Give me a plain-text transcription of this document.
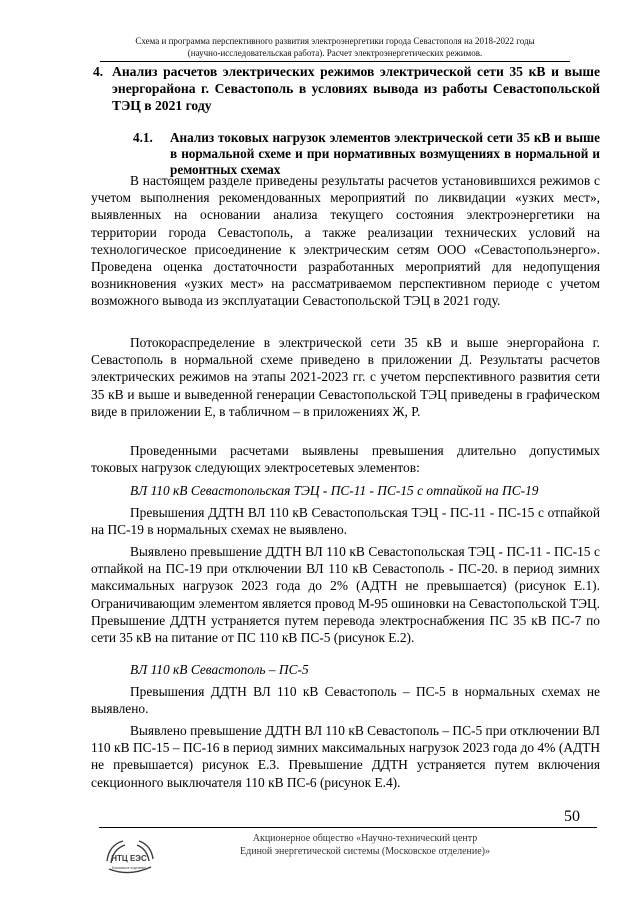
Схема и программа перспективного развития электроэнергетики города Севастополя на 2018-2022 годы
(научно-исследовательская работа). Расчет электроэнергетических режимов.
4. Анализ расчетов электрических режимов электрической сети 35 кВ и выше энергорайона г. Севастополь в условиях вывода из работы Севастопольской ТЭЦ в 2021 году
4.1. Анализ токовых нагрузок элементов электрической сети 35 кВ и выше в нормальной схеме и при нормативных возмущениях в нормальной и ремонтных схемах

В настоящем разделе приведены результаты расчетов установившихся режимов с учетом выполнения рекомендованных мероприятий по ликвидации «узких мест», выявленных на основании анализа текущего состояния электроэнергетики на территории города Севастополь, а также реализации технических условий на технологическое присоединение к электрическим сетям ООО «Севастопольэнерго». Проведена оценка достаточности разработанных мероприятий для недопущения возникновения «узких мест» на рассматриваемом перспективном периоде с учетом возможного вывода из эксплуатации Севастопольской ТЭЦ в 2021 году.

Потокораспределение в электрической сети 35 кВ и выше энергорайона г. Севастополь в нормальной схеме приведено в приложении Д. Результаты расчетов электрических режимов на этапы 2021-2023 гг. с учетом перспективного развития сети 35 кВ и выше и выведенной генерации Севастопольской ТЭЦ приведены в графическом виде в приложении Е, в табличном – в приложениях Ж, Р.

Проведенными расчетами выявлены превышения длительно допустимых токовых нагрузок следующих электросетевых элементов:

ВЛ 110 кВ Севастопольская ТЭЦ - ПС-11 - ПС-15 с отпайкой на ПС-19

Превышения ДДТН ВЛ 110 кВ Севастопольская ТЭЦ - ПС-11 - ПС-15 с отпайкой на ПС-19 в нормальных схемах не выявлено.

Выявлено превышение ДДТН ВЛ 110 кВ Севастопольская ТЭЦ - ПС-11 - ПС-15 с отпайкой на ПС-19 при отключении ВЛ 110 кВ Севастополь - ПС-20. в период зимних максимальных нагрузок 2023 года до 2% (АДТН не превышается) (рисунок Е.1). Ограничивающим элементом является провод М-95 ошиновки на Севастопольской ТЭЦ. Превышение ДДТН устраняется путем перевода электроснабжения ПС 35 кВ ПС-7 по сети 35 кВ на питание от ПС 110 кВ ПС-5 (рисунок Е.2).

ВЛ 110 кВ Севастополь – ПС-5

Превышения ДДТН ВЛ 110 кВ Севастополь – ПС-5 в нормальных схемах не выявлено.

Выявлено превышение ДДТН ВЛ 110 кВ Севастополь – ПС-5 при отключении ВЛ 110 кВ ПС-15 – ПС-16 в период зимних максимальных нагрузок 2023 года до 4% (АДТН не превышается) рисунок Е.3. Превышение ДДТН устраняется путем включения секционного выключателя 110 кВ ПС-6 (рисунок Е.4).

50
НТЦ ЕЭС
Московское отделение
Акционерное общество «Научно-технический центр
Единой энергетической системы (Московское отделение)»
